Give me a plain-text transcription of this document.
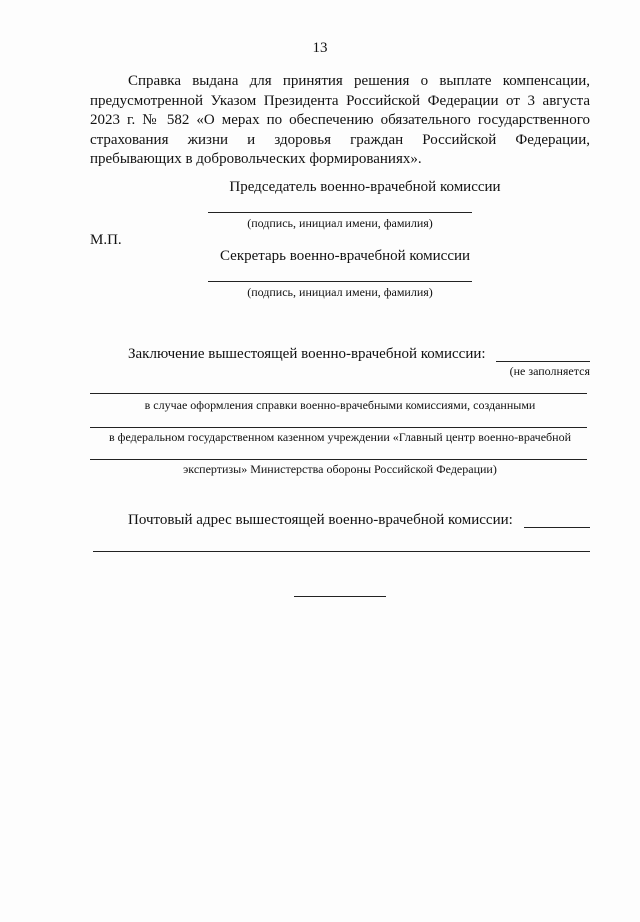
13
Справка выдана для принятия решения о выплате компенсации, предусмотренной Указом Президента Российской Федерации от 3 августа 2023 г. № 582 «О мерах по обеспечению обязательного государственного страхования жизни и здоровья граждан Российской Федерации, пребывающих в добровольческих формированиях».
Председатель военно-врачебной комиссии
(подпись, инициал имени, фамилия)
М.П.
Секретарь военно-врачебной комиссии
(подпись, инициал имени, фамилия)
Заключение вышестоящей военно-врачебной комиссии:
(не заполняется
в случае оформления справки военно-врачебными комиссиями, созданными
в федеральном государственном казенном учреждении «Главный центр военно-врачебной
экспертизы» Министерства обороны Российской Федерации)
Почтовый адрес вышестоящей военно-врачебной комиссии:
